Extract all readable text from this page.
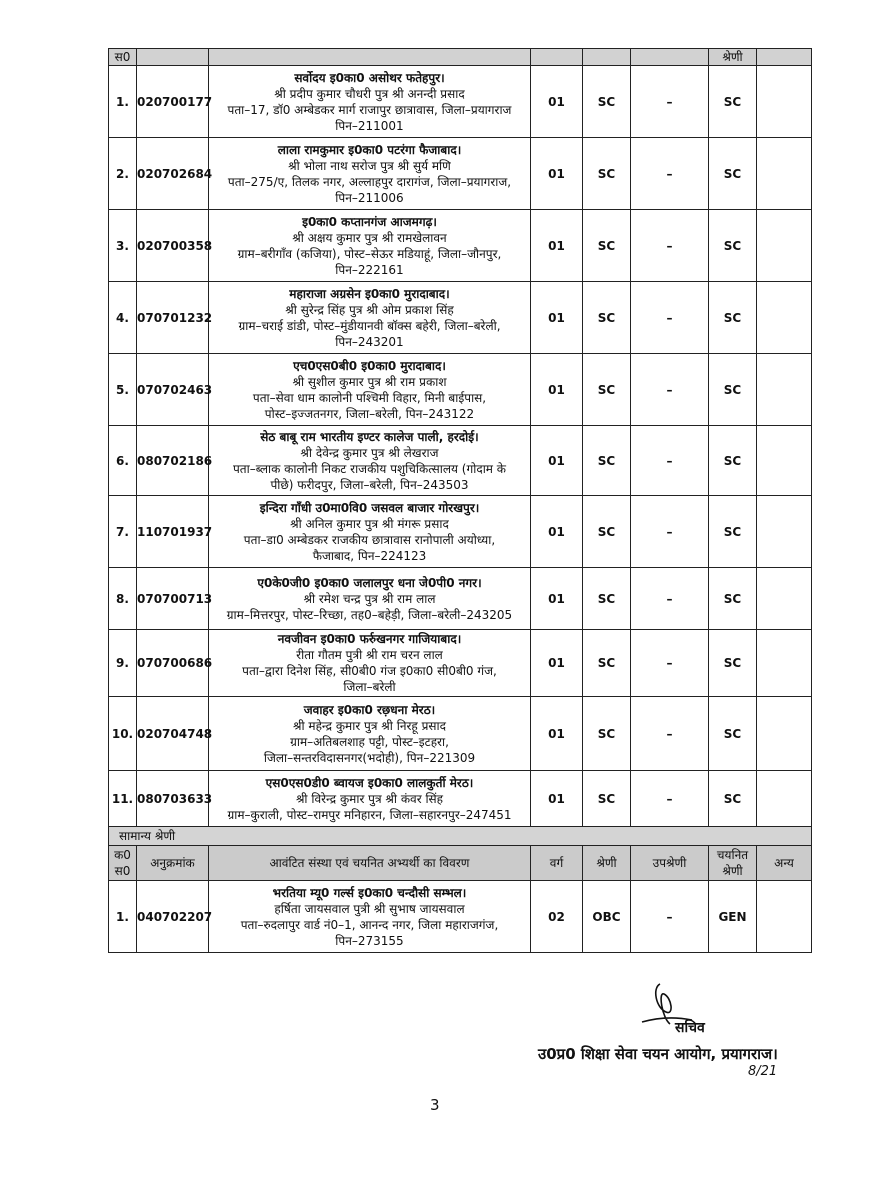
स0						श्रेणी	
1.	020700177	सर्वोदय इ0का0 असोथर फतेहपुर।
श्री प्रदीप कुमार चौधरी पुत्र श्री अनन्दी प्रसाद
पता–17, डॉ0 अम्बेडकर मार्ग राजापुर छात्रावास, जिला–प्रयागराज
पिन–211001	01	SC	–	SC	
2.	020702684	लाला रामकुमार इ0का0 पटरंगा फैजाबाद।
श्री भोला नाथ सरोज पुत्र श्री सुर्य मणि
पता–275/ए, तिलक नगर, अल्लाहपुर दारागंज, जिला–प्रयागराज,
पिन–211006	01	SC	–	SC	
3.	020700358	इ0का0 कप्तानगंज आजमगढ़।
श्री अक्षय कुमार पुत्र श्री रामखेलावन
ग्राम–बरीगाँव (कजिया), पोस्ट–सेऊर मडियाहूं, जिला–जौनपुर,
पिन–222161	01	SC	–	SC	
4.	070701232	महाराजा अग्रसेन इ0का0 मुरादाबाद।
श्री सुरेन्द्र सिंह पुत्र श्री ओम प्रकाश सिंह
ग्राम–चराई डांडी, पोस्ट–मुंडीयानवी बॉक्स बहेरी, जिला–बरेली,
पिन–243201	01	SC	–	SC	
5.	070702463	एच0एस0बी0 इ0का0 मुरादाबाद।
श्री सुशील कुमार पुत्र श्री राम प्रकाश
पता–सेवा धाम कालोनी पश्चिमी विहार, मिनी बाईपास,
पोस्ट–इज्जतनगर, जिला–बरेली, पिन–243122	01	SC	–	SC	
6.	080702186	सेठ बाबू राम भारतीय इण्टर कालेज पाली, हरदोई।
श्री देवेन्द्र कुमार पुत्र श्री लेखराज
पता–ब्लाक कालोनी निकट राजकीय पशुचिकित्सालय (गोदाम के
पीछे) फरीदपुर, जिला–बरेली, पिन–243503	01	SC	–	SC	
7.	110701937	इन्दिरा गाँधी उ0मा0वि0 जसवल बाजार गोरखपुर।
श्री अनिल कुमार पुत्र श्री मंगरू प्रसाद
पता–डा0 अम्बेडकर राजकीय छात्रावास रानोपाली अयोध्या,
फैजाबाद, पिन–224123	01	SC	–	SC	
8.	070700713	ए0के0जी0 इ0का0 जलालपुर धना जे0पी0 नगर।
श्री रमेश चन्द्र पुत्र श्री राम लाल
ग्राम–मित्तरपुर, पोस्ट–रिच्छा, तह0–बहेड़ी, जिला–बरेली–243205	01	SC	–	SC	
9.	070700686	नवजीवन इ0का0 फर्रुखनगर गाजियाबाद।
रीता गौतम पुत्री श्री राम चरन लाल
पता–द्वारा दिनेश सिंह, सी0बी0 गंज इ0का0 सी0बी0 गंज,
जिला–बरेली	01	SC	–	SC	
10.	020704748	जवाहर इ0का0 रछ़धना मेरठ।
श्री महेन्द्र कुमार पुत्र श्री निरहू प्रसाद
ग्राम–अतिबलशाह पट्टी, पोस्ट–इटहरा,
जिला–सन्तरविदासनगर(भदोही), पिन–221309	01	SC	–	SC	
11.	080703633	एस0एस0डी0 ब्वायज इ0का0 लालकुर्ती मेरठ।
श्री विरेन्द्र कुमार पुत्र श्री कंवर सिंह
ग्राम–कुराली, पोस्ट–रामपुर मनिहारन, जिला–सहारनपुर–247451	01	SC	–	SC	
सामान्य श्रेणी							
क0 स0	अनुक्रमांक	आवंटित संस्था एवं चयनित अभ्यर्थी का विवरण	वर्ग	श्रेणी	उपश्रेणी	चयनित श्रेणी	अन्य
1.	040702207	भरतिया म्यू0 गर्ल्स इ0का0 चन्दौसी सम्भल।
हर्षिता जायसवाल पुत्री श्री सुभाष जायसवाल
पता–रुदलापुर वार्ड नं0–1, आनन्द नगर, जिला महाराजगंज,
पिन–273155	02	OBC	–	GEN	
सचिव
उ0प्र0 शिक्षा सेवा चयन आयोग, प्रयागराज।
8/21
3
